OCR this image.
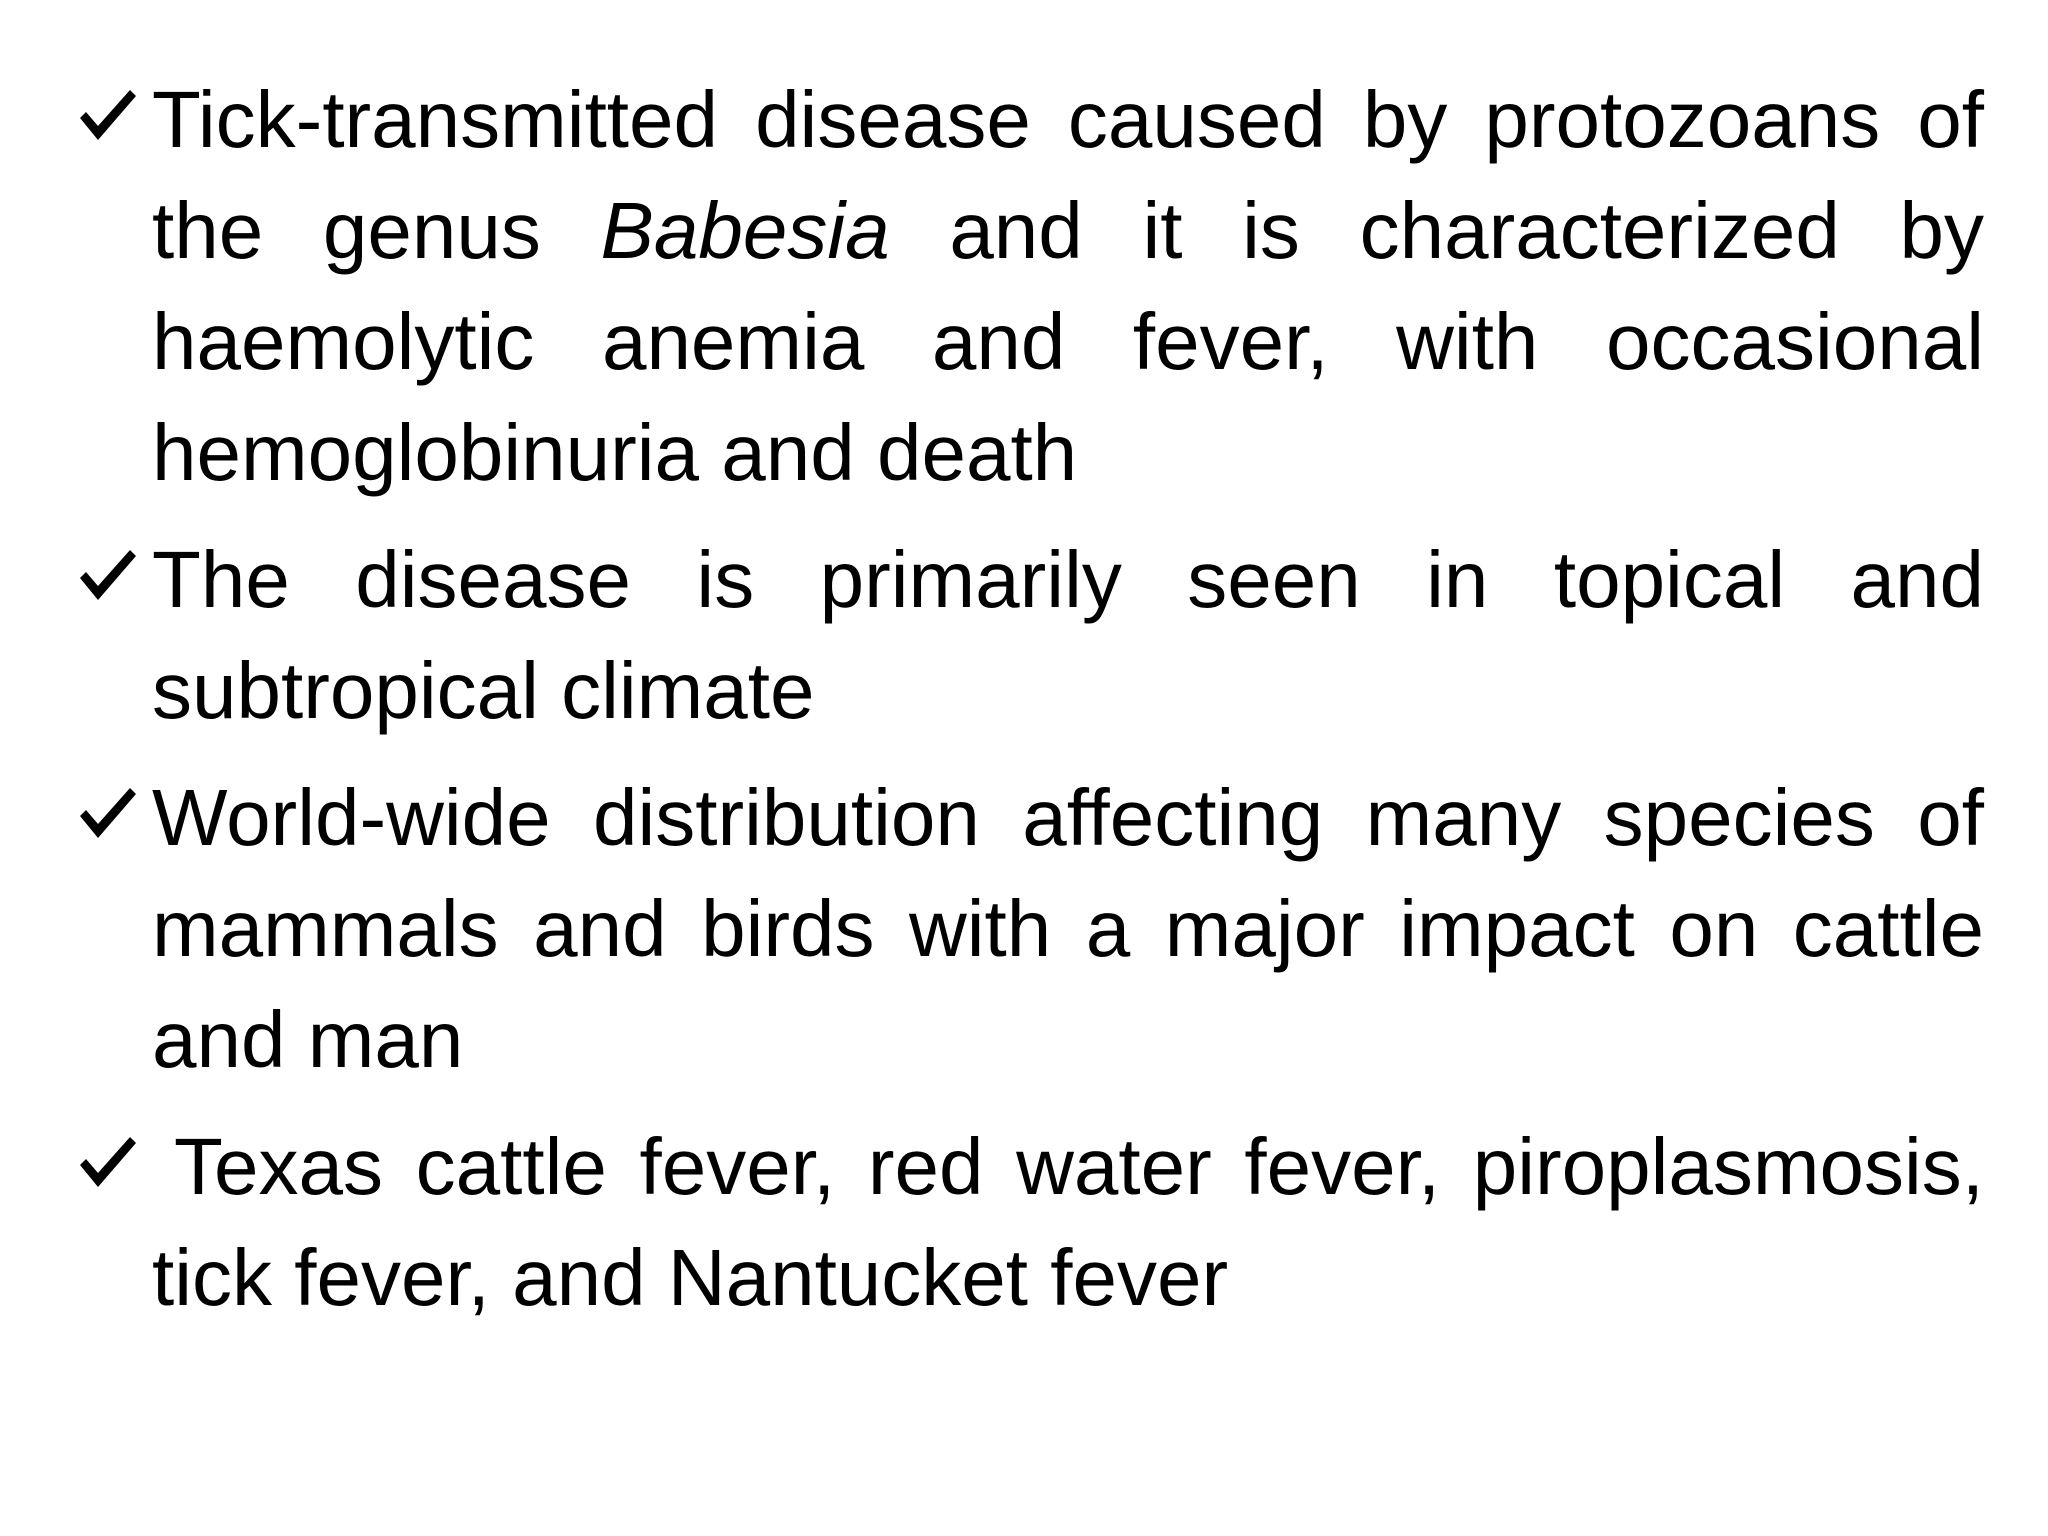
Tick-transmitted disease caused by protozoans of the genus Babesia and it is characterized by haemolytic anemia and fever, with occasional hemoglobinuria and death
The disease is primarily seen in topical and subtropical climate
World-wide distribution affecting many species of mammals and birds with a major impact on cattle and man
Texas cattle fever, red water fever, piroplasmosis, tick fever, and Nantucket fever
